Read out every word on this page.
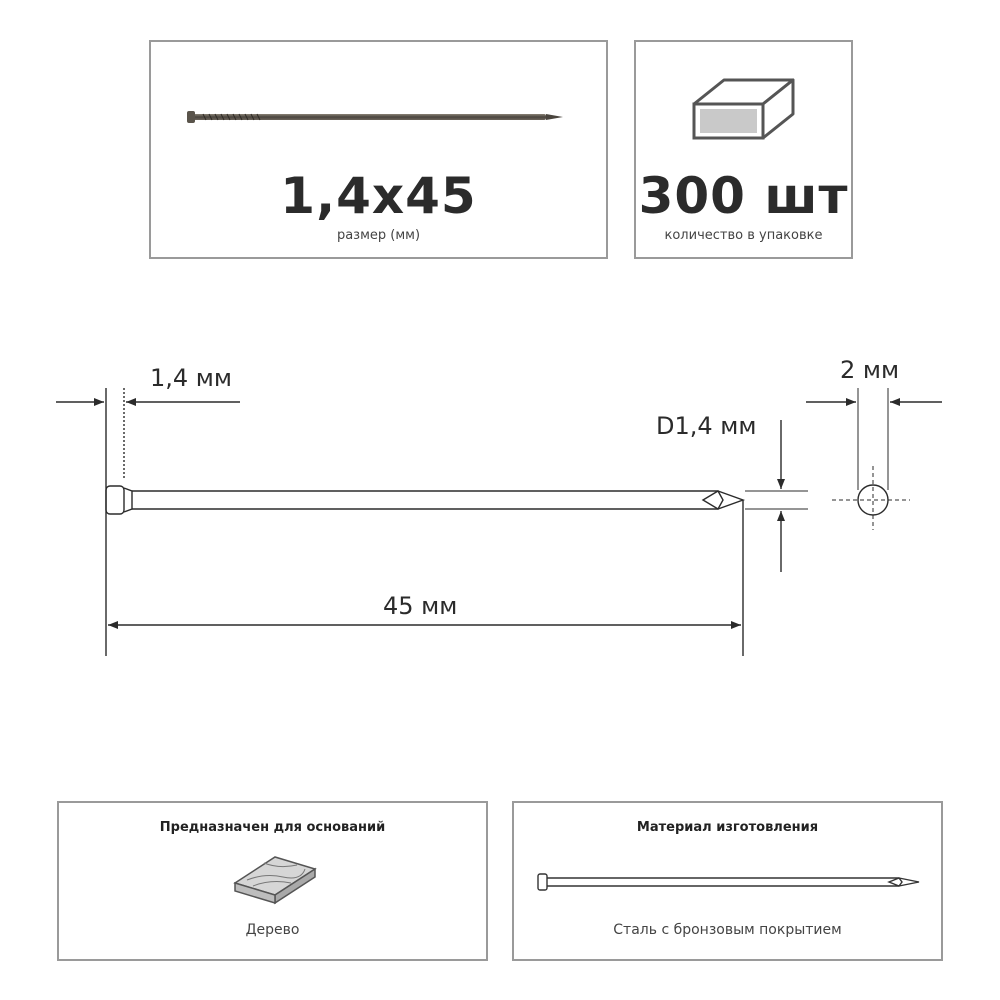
1,4х45
размер (мм)
300 шт
количество в упаковке
1,4 мм
D1,4 мм
2 мм
45 мм
Предназначен для оснований
Дерево
Материал изготовления
Сталь с бронзовым покрытием
